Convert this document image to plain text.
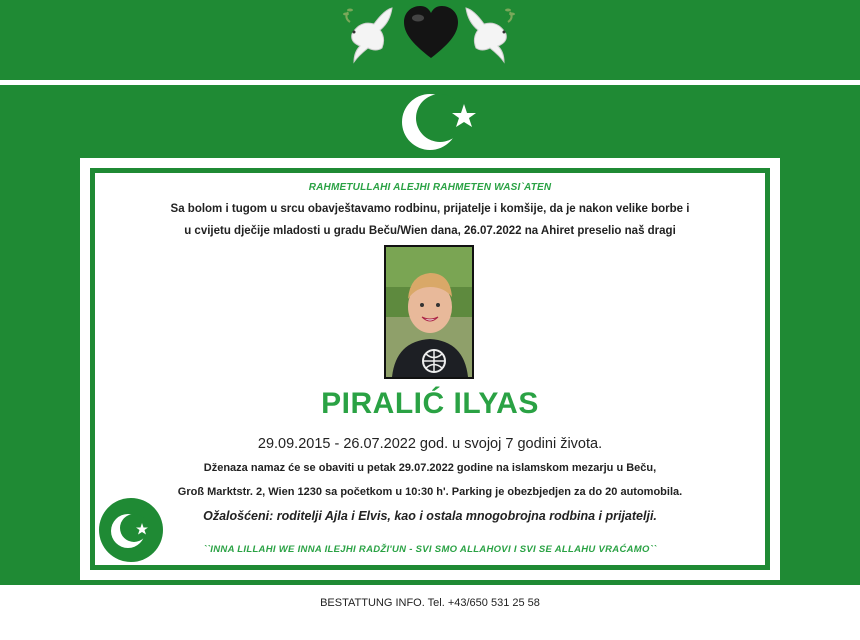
RAHMETULLAHI ALEJHI RAHMETEN WASI`ATEN
Sa bolom i tugom u srcu obavještavamo rodbinu, prijatelje i komšije, da je nakon velike borbe i
u cvijetu dječije mladosti u gradu Beču/Wien dana, 26.07.2022 na Ahiret preselio naš dragi
PIRALIĆ ILYAS
29.09.2015 - 26.07.2022 god. u svojoj 7 godini života.
Dženaza namaz će se obaviti u petak 29.07.2022 godine na islamskom mezarju u Beču,
Groß Marktstr. 2, Wien 1230 sa početkom u 10:30 h'. Parking je obezbjedjen za do 20 automobila.
Ožalošćeni: roditelji Ajla i Elvis, kao i ostala mnogobrojna rodbina i prijatelji.
``INNA LILLAHI WE INNA ILEJHI RADŽI'UN - SVI SMO ALLAHOVI I SVI SE ALLAHU VRAĆAMO``
BESTATTUNG INFO. Tel. +43/650 531 25 58
